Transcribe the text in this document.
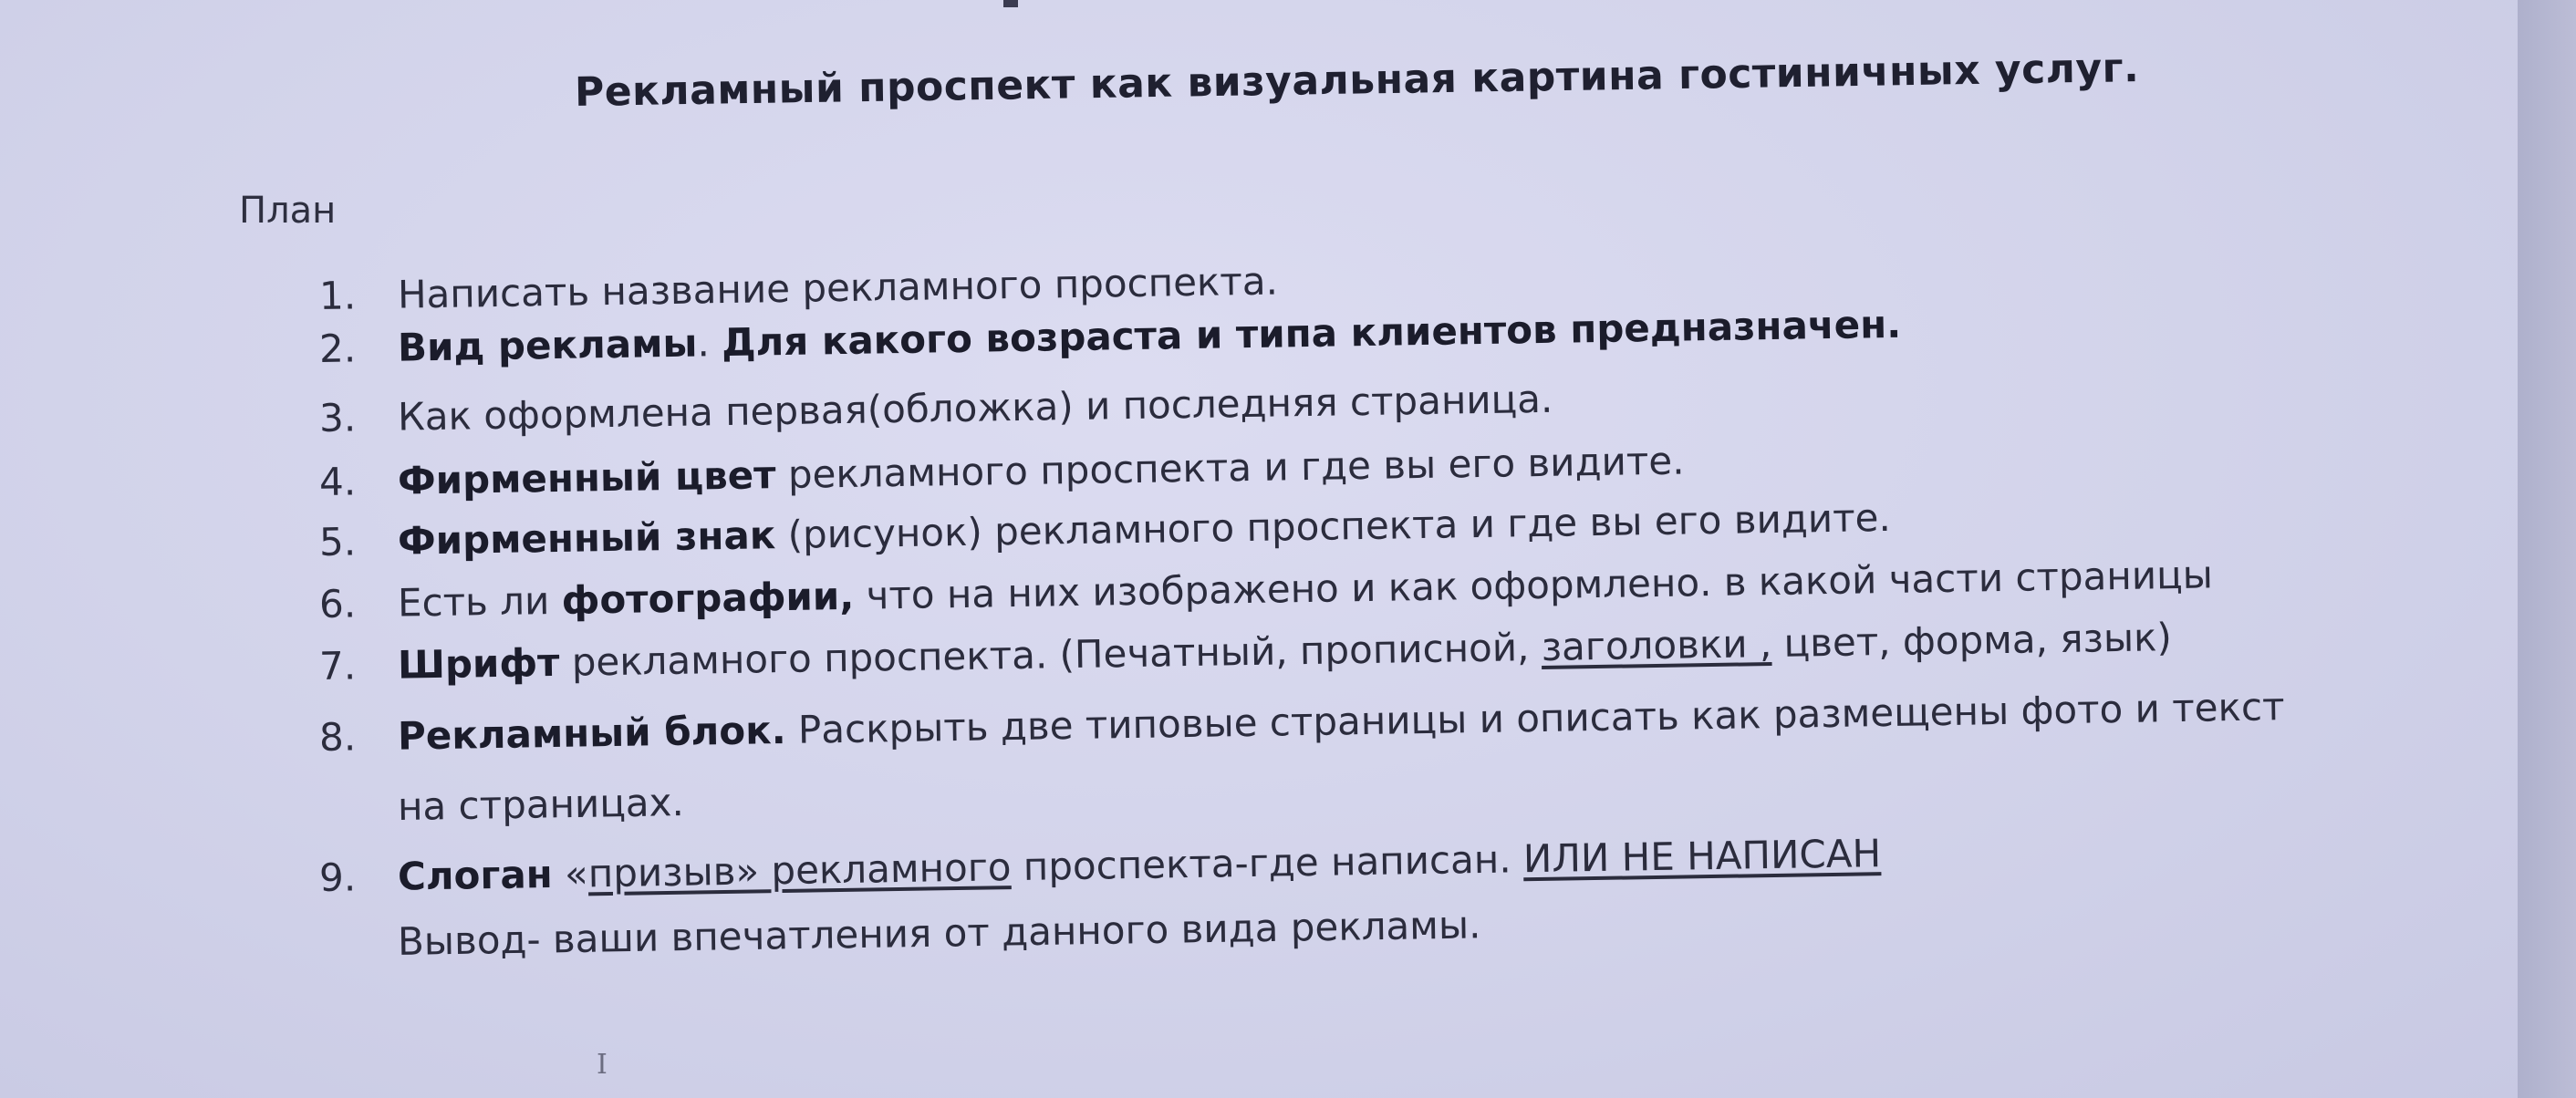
Рекламный проспект как визуальная картина гостиничных услуг.
План
1. Написать название рекламного проспекта.
2. Вид рекламы. Для какого возраста и типа клиентов предназначен.
3. Как оформлена первая(обложка) и последняя страница.
4. Фирменный цвет рекламного проспекта и где вы его видите.
5. Фирменный знак (рисунок) рекламного проспекта и где вы его видите.
6. Есть ли фотографии, что на них изображено и как оформлено. в какой части страницы
7. Шрифт рекламного проспекта. (Печатный, прописной, заголовки , цвет, форма, язык)
8. Рекламный блок. Раскрыть две типовые страницы и описать как размещены фото и текст
на страницах.
9. Слоган «призыв» рекламного проспекта-где написан. ИЛИ НЕ НАПИСАН
Вывод- ваши впечатления от данного вида рекламы.
I
